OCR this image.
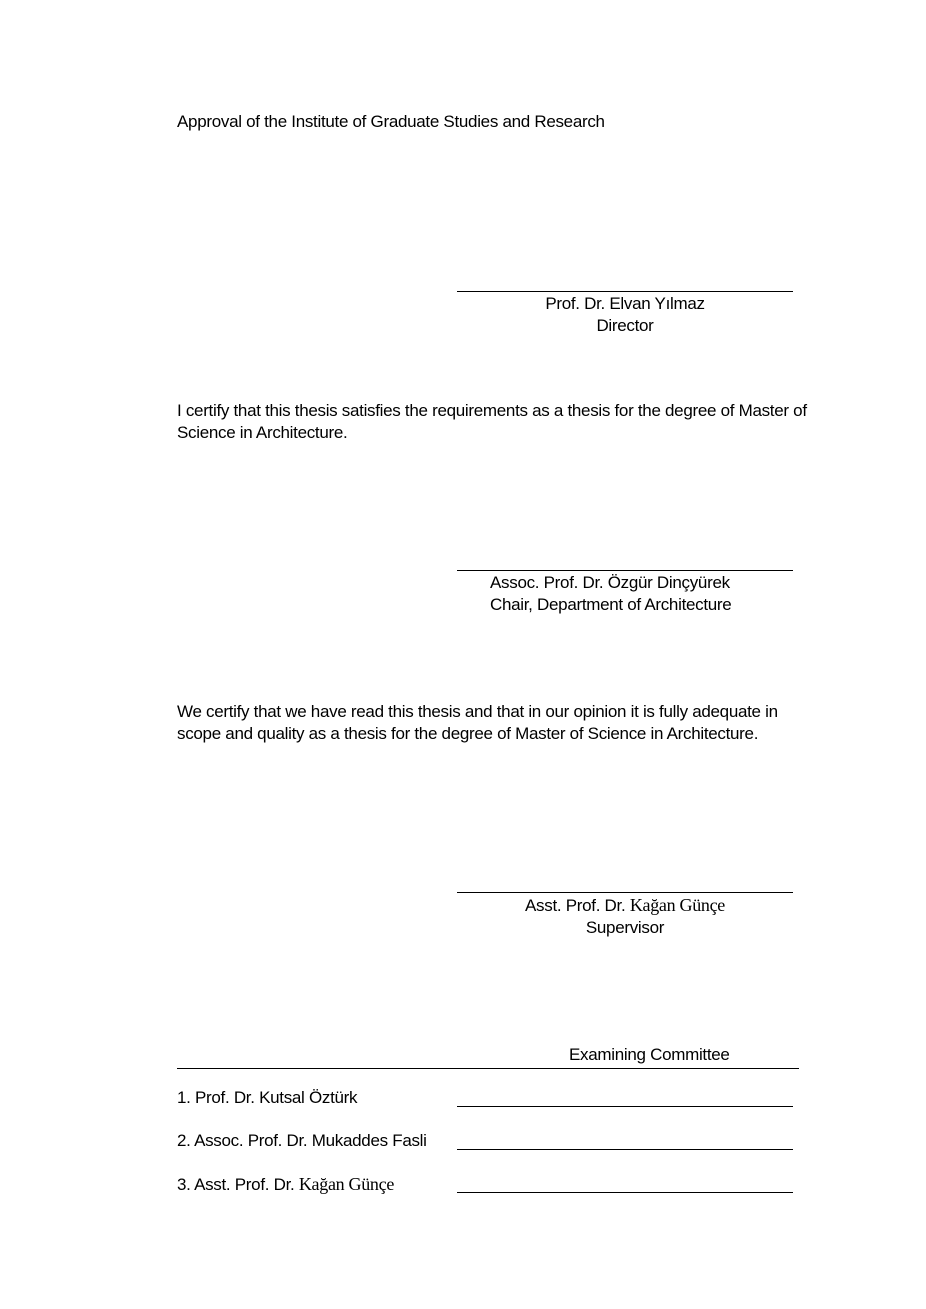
Approval of the Institute of Graduate Studies and Research
Prof. Dr. Elvan Yılmaz
Director
I certify that this thesis satisfies the requirements as a thesis for the degree of Master of Science in Architecture.
Assoc. Prof. Dr. Özgür Dinçyürek
Chair, Department of Architecture
We certify that we have read this thesis and that in our opinion it is fully adequate in scope and quality as a thesis for the degree of Master of Science in Architecture.
Asst. Prof. Dr. Kağan Günçe
Supervisor
Examining Committee
1. Prof. Dr. Kutsal Öztürk
2. Assoc. Prof. Dr. Mukaddes Fasli
3. Asst. Prof. Dr. Kağan Günçe
